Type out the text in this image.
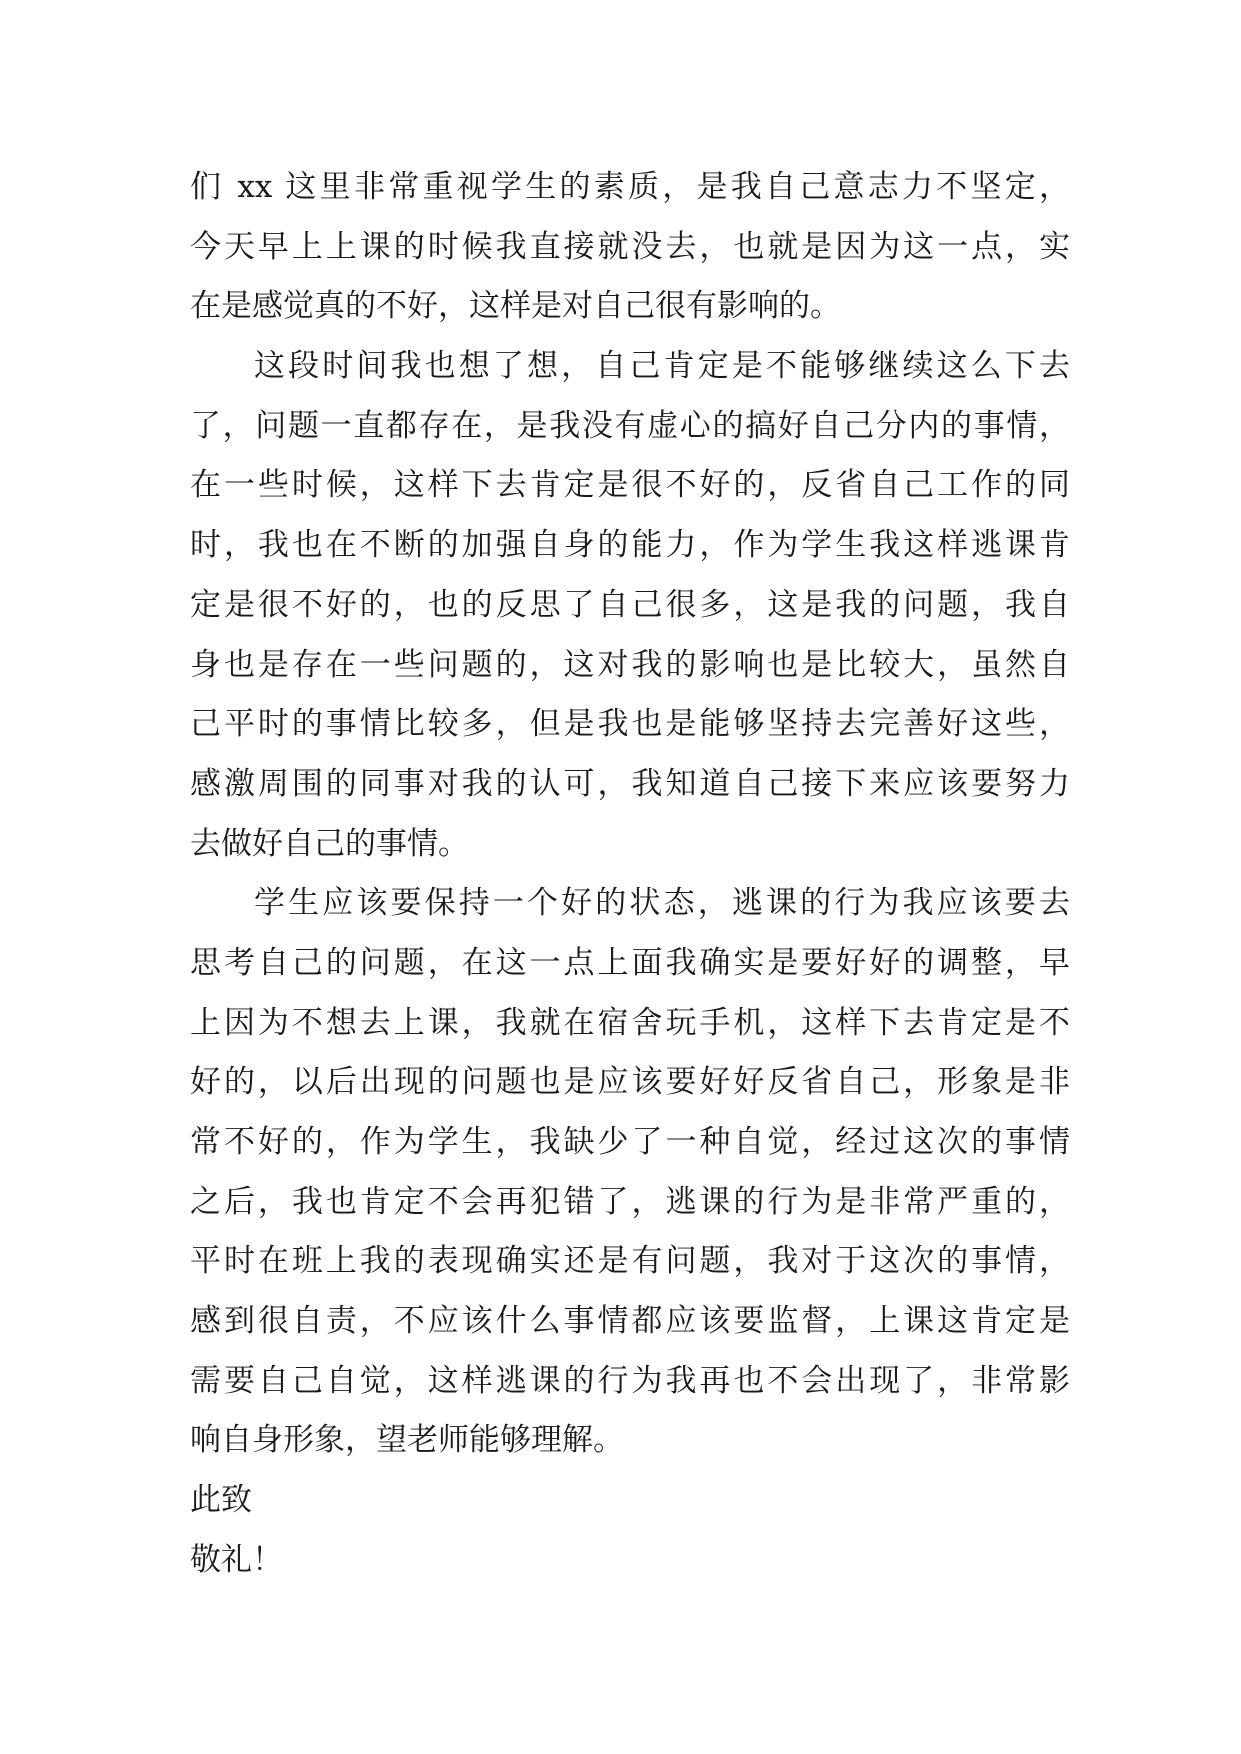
们 xx 这里非常重视学生的素质，是我自己意志力不坚定，
今天早上上课的时候我直接就没去，也就是因为这一点，实
在是感觉真的不好，这样是对自己很有影响的。
这段时间我也想了想，自己肯定是不能够继续这么下去
了，问题一直都存在，是我没有虚心的搞好自己分内的事情，
在一些时候，这样下去肯定是很不好的，反省自己工作的同
时，我也在不断的加强自身的能力，作为学生我这样逃课肯
定是很不好的，也的反思了自己很多，这是我的问题，我自
身也是存在一些问题的，这对我的影响也是比较大，虽然自
己平时的事情比较多，但是我也是能够坚持去完善好这些，
感激周围的同事对我的认可，我知道自己接下来应该要努力
去做好自己的事情。
学生应该要保持一个好的状态，逃课的行为我应该要去
思考自己的问题，在这一点上面我确实是要好好的调整，早
上因为不想去上课，我就在宿舍玩手机，这样下去肯定是不
好的，以后出现的问题也是应该要好好反省自己，形象是非
常不好的，作为学生，我缺少了一种自觉，经过这次的事情
之后，我也肯定不会再犯错了，逃课的行为是非常严重的，
平时在班上我的表现确实还是有问题，我对于这次的事情，
感到很自责，不应该什么事情都应该要监督，上课这肯定是
需要自己自觉，这样逃课的行为我再也不会出现了，非常影
响自身形象，望老师能够理解。
此致
敬礼！
